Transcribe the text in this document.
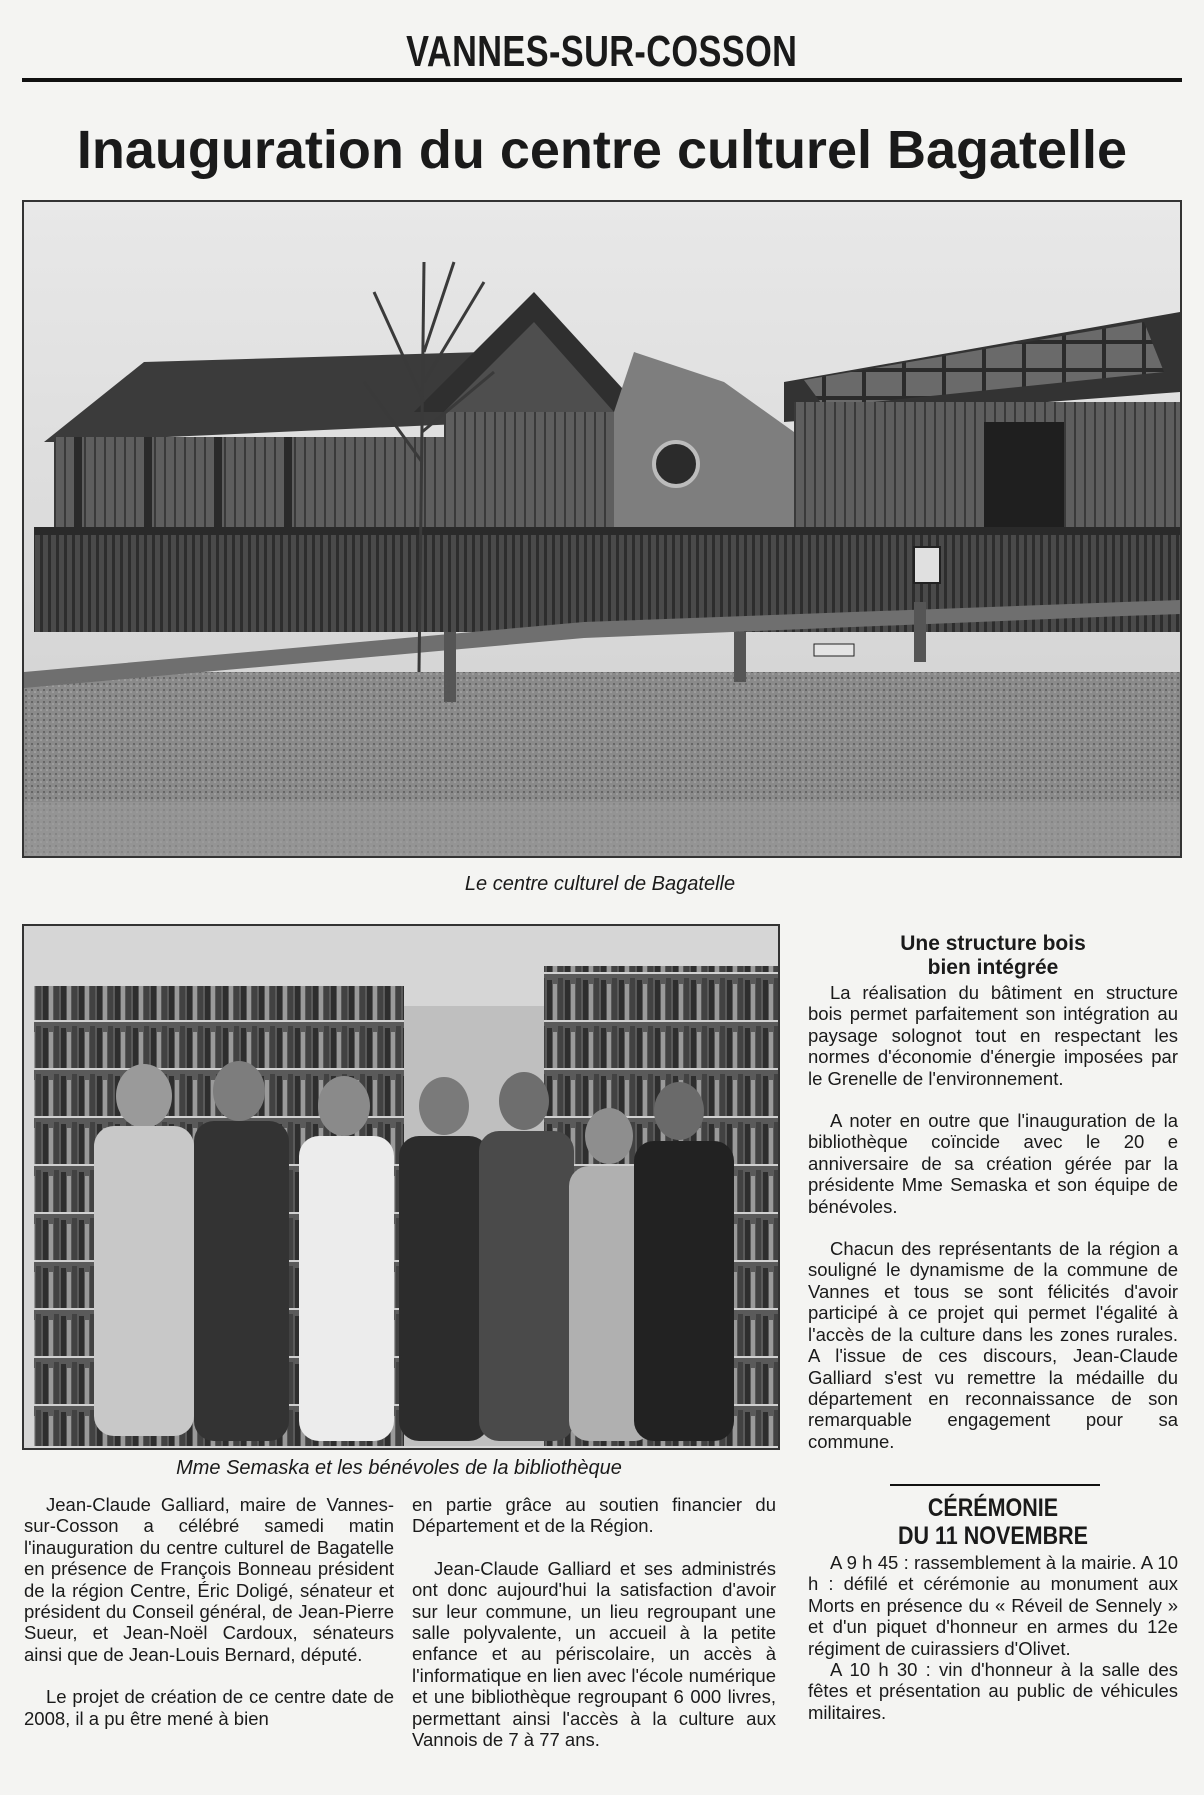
VANNES-SUR-COSSON
Inauguration du centre culturel Bagatelle
Le centre culturel de Bagatelle
Mme Semaska et les bénévoles de la bibliothèque

Jean-Claude Galliard, maire de Vannes-sur-Cosson a célébré samedi matin l'inauguration du centre culturel de Bagatelle en présence de François Bonneau président de la région Centre, Éric Doligé, sénateur et président du Conseil général, de Jean-Pierre Sueur, et Jean-Noël Cardoux, sénateurs ainsi que de Jean-Louis Bernard, député.

Le projet de création de ce centre date de 2008, il a pu être mené à bien

en partie grâce au soutien financier du Département et de la Région.

Jean-Claude Galliard et ses administrés ont donc aujourd'hui la satisfaction d'avoir sur leur commune, un lieu regroupant une salle polyvalente, un accueil à la petite enfance et au périscolaire, un accès à l'informatique en lien avec l'école numérique et une bibliothèque regroupant 6 000 livres, permettant ainsi l'accès à la culture aux Vannois de 7 à 77 ans.

Une structure bois
bien intégrée

La réalisation du bâtiment en structure bois permet parfaitement son intégration au paysage solognot tout en respectant les normes d'économie d'énergie imposées par le Grenelle de l'environnement.

A noter en outre que l'inauguration de la bibliothèque coïncide avec le 20 e anniversaire de sa création gérée par la présidente Mme Semaska et son équipe de bénévoles.

Chacun des représentants de la région a souligné le dynamisme de la commune de Vannes et tous se sont félicités d'avoir participé à ce projet qui permet l'égalité à l'accès de la culture dans les zones rurales. A l'issue de ces discours, Jean-Claude Galliard s'est vu remettre la médaille du département en reconnaissance de son remarquable engagement pour sa commune.

CÉRÉMONIE
DU 11 NOVEMBRE

A 9 h 45 : rassemblement à la mairie. A 10 h : défilé et cérémonie au monument aux Morts en présence du « Réveil de Sennely » et d'un piquet d'honneur en armes du 12e régiment de cuirassiers d'Olivet.

A 10 h 30 : vin d'honneur à la salle des fêtes et présentation au public de véhicules militaires.
